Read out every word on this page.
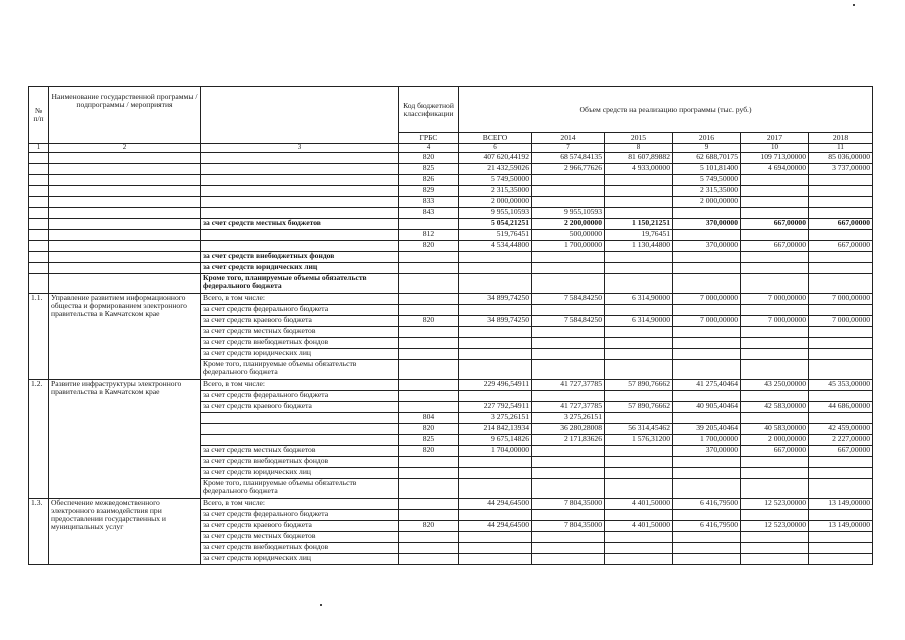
№ п/п	Наименование государственной программы / подпрограммы / мероприятия		Код бюджетной классификации	Объем средств на реализацию программы (тыс. руб.)					
			ГРБС	ВСЕГО	2014	2015	2016	2017	2018
1	2	3	4	6	7	8	9	10	11
			820	407 620,44192	68 574,84135	81 607,89882	62 688,70175	109 713,00000	85 036,00000
			825	21 432,59026	2 966,77626	4 933,00000	5 101,81400	4 694,00000	3 737,00000
			826	5 749,50000			5 749,50000		
			829	2 315,35000			2 315,35000		
			833	2 000,00000			2 000,00000		
			843	9 955,10593	9 955,10593				
		за счет средств местных бюджетов		5 054,21251	2 200,00000	1 150,21251	370,00000	667,00000	667,00000
			812	519,76451	500,00000	19,76451			
			820	4 534,44800	1 700,00000	1 130,44800	370,00000	667,00000	667,00000
		за счет средств внебюджетных фондов							
		за счет средств юридических лиц							
		Кроме того, планируемые объемы обязательств федерального бюджета							
1.1.	Управление развитием информационного общества и формированием электронного правительства в Камчатском крае	Всего, в том числе:		34 899,74250	7 584,84250	6 314,90000	7 000,00000	7 000,00000	7 000,00000
		за счет средств федерального бюджета							
		за счет средств краевого бюджета	820	34 899,74250	7 584,84250	6 314,90000	7 000,00000	7 000,00000	7 000,00000
		за счет средств местных бюджетов							
		за счет средств внебюджетных фондов							
		за счет средств юридических лиц							
		Кроме того, планируемые объемы обязательств федерального бюджета							
1.2.	Развитие инфраструктуры электронного правительства в Камчатском крае	Всего, в том числе:		229 496,54911	41 727,37785	57 890,76662	41 275,40464	43 250,00000	45 353,00000
		за счет средств федерального бюджета							
		за счет средств краевого бюджета		227 792,54911	41 727,37785	57 890,76662	40 905,40464	42 583,00000	44 686,00000
			804	3 275,26151	3 275,26151				
			820	214 842,13934	36 280,28008	56 314,45462	39 205,40464	40 583,00000	42 459,00000
			825	9 675,14826	2 171,83626	1 576,31200	1 700,00000	2 000,00000	2 227,00000
		за счет средств местных бюджетов	820	1 704,00000			370,00000	667,00000	667,00000
		за счет средств внебюджетных фондов							
		за счет средств юридических лиц							
		Кроме того, планируемые объемы обязательств федерального бюджета							
1.3.	Обеспечение межведомственного электронного взаимодействия при предоставлении государственных и муниципальных услуг	Всего, в том числе:		44 294,64500	7 804,35000	4 401,50000	6 416,79500	12 523,00000	13 149,00000
		за счет средств федерального бюджета							
		за счет средств краевого бюджета	820	44 294,64500	7 804,35000	4 401,50000	6 416,79500	12 523,00000	13 149,00000
		за счет средств местных бюджетов							
		за счет средств внебюджетных фондов							
		за счет средств юридических лиц							
